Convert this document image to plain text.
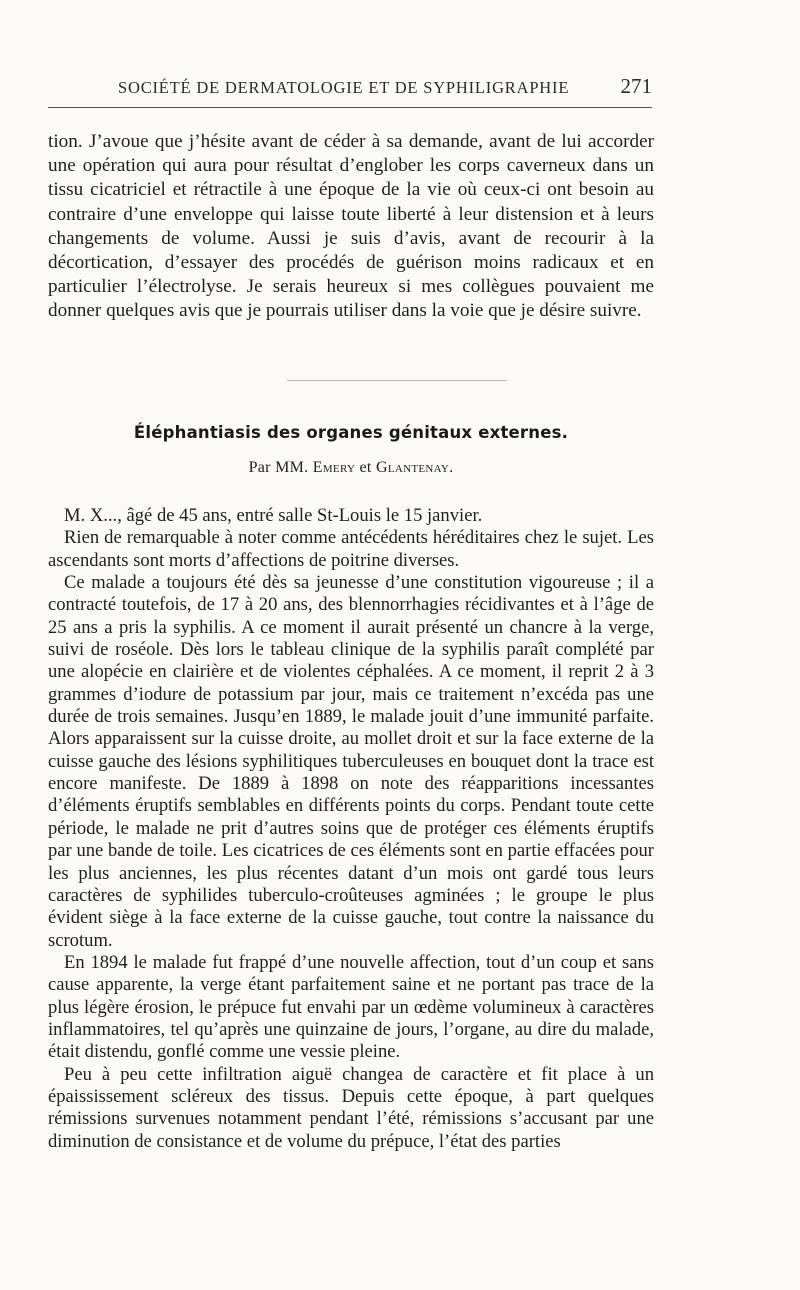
SOCIÉTÉ DE DERMATOLOGIE ET DE SYPHILIGRAPHIE 271

tion. J’avoue que j’hésite avant de céder à sa demande, avant de lui accorder une opération qui aura pour résultat d’englober les corps caverneux dans un tissu cicatriciel et rétractile à une époque de la vie où ceux-ci ont besoin au contraire d’une enveloppe qui laisse toute liberté à leur distension et à leurs changements de volume. Aussi je suis d’avis, avant de recourir à la décortication, d’essayer des procédés de guérison moins radicaux et en particulier l’électrolyse. Je serais heureux si mes collègues pouvaient me donner quelques avis que je pourrais utiliser dans la voie que je désire suivre.

Éléphantiasis des organes génitaux externes.
Par MM. Emery et Glantenay.

M. X..., âgé de 45 ans, entré salle St-Louis le 15 janvier.

Rien de remarquable à noter comme antécédents héréditaires chez le sujet. Les ascendants sont morts d’affections de poitrine diverses.

Ce malade a toujours été dès sa jeunesse d’une constitution vigoureuse ; il a contracté toutefois, de 17 à 20 ans, des blennorrhagies récidivantes et à l’âge de 25 ans a pris la syphilis. A ce moment il aurait présenté un chancre à la verge, suivi de roséole. Dès lors le tableau clinique de la syphilis paraît complété par une alopécie en clairière et de violentes céphalées. A ce moment, il reprit 2 à 3 grammes d’iodure de potassium par jour, mais ce traitement n’excéda pas une durée de trois semaines. Jusqu’en 1889, le malade jouit d’une immunité parfaite. Alors apparaissent sur la cuisse droite, au mollet droit et sur la face externe de la cuisse gauche des lésions syphilitiques tuberculeuses en bouquet dont la trace est encore manifeste. De 1889 à 1898 on note des réapparitions incessantes d’éléments éruptifs semblables en différents points du corps. Pendant toute cette période, le malade ne prit d’autres soins que de protéger ces éléments éruptifs par une bande de toile. Les cicatrices de ces éléments sont en partie effacées pour les plus anciennes, les plus récentes datant d’un mois ont gardé tous leurs caractères de syphilides tuberculo-croûteuses agminées ; le groupe le plus évident siège à la face externe de la cuisse gauche, tout contre la naissance du scrotum.

En 1894 le malade fut frappé d’une nouvelle affection, tout d’un coup et sans cause apparente, la verge étant parfaitement saine et ne portant pas trace de la plus légère érosion, le prépuce fut envahi par un œdème volumineux à caractères inflammatoires, tel qu’après une quinzaine de jours, l’organe, au dire du malade, était distendu, gonflé comme une vessie pleine.

Peu à peu cette infiltration aiguë changea de caractère et fit place à un épaississement scléreux des tissus. Depuis cette époque, à part quelques rémissions survenues notamment pendant l’été, rémissions s’accusant par une diminution de consistance et de volume du prépuce, l’état des parties
